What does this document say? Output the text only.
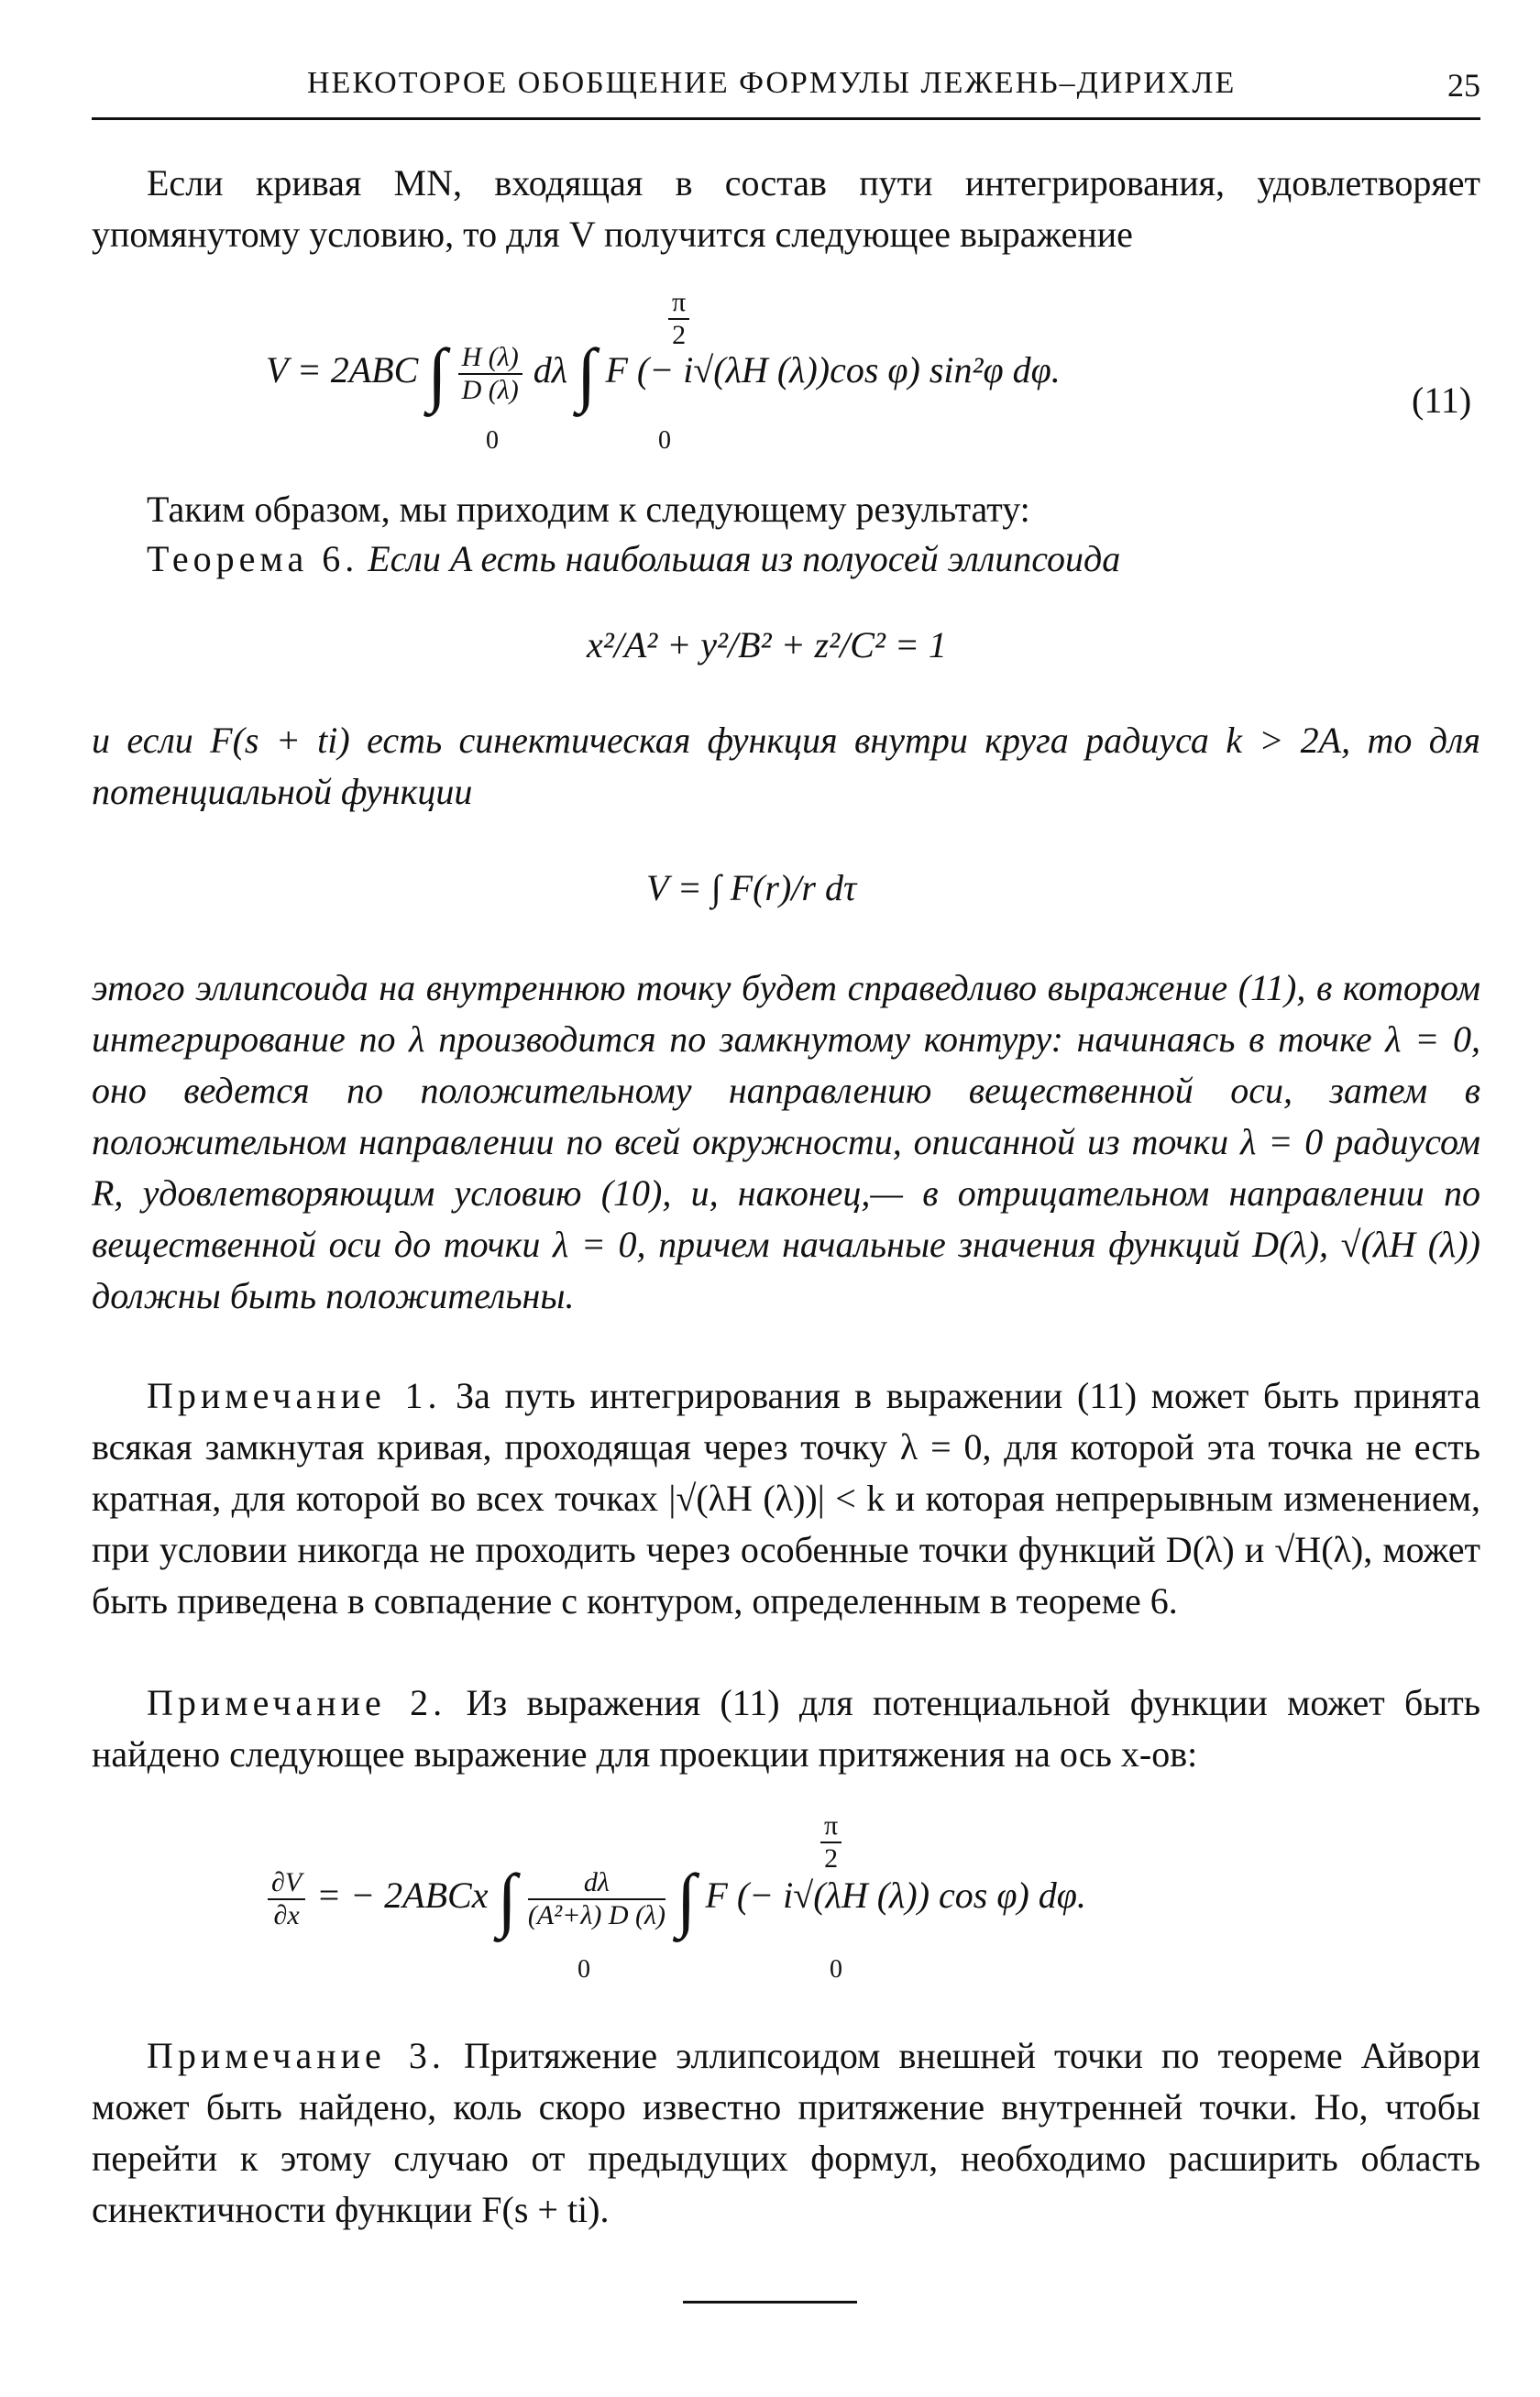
НЕКОТОРОЕ ОБОБЩЕНИЕ ФОРМУЛЫ ЛЕЖЕНЬ–ДИРИХЛЕ	25

Если кривая MN, входящая в состав пути интегрирования, удовлетворяет упомянутому условию, то для V получится следующее выражение

$\frac{\pi}{2}$
V = 2ABC ∫ $\frac{H (\lambda)}{D (\lambda)}$ dλ ∫ F (− i√(λH (λ))cos φ) sin²φ dφ.
0	0
(11)

Таким образом, мы приходим к следующему результату:

Теорема 6. Если A есть наибольшая из полуосей эллипсоида

x²/A² + y²/B² + z²/C² = 1

и если F(s + ti) есть синектическая функция внутри круга радиуса k > 2A, то для потенциальной функции

V = ∫ F(r)/r dτ

этого эллипсоида на внутреннюю точку будет справедливо выражение (11), в котором интегрирование по λ производится по замкнутому контуру: начинаясь в точке λ = 0, оно ведется по положительному направлению вещественной оси, затем в положительном направлении по всей окружности, описанной из точки λ = 0 радиусом R, удовлетворяющим условию (10), и, наконец,— в отрицательном направлении по вещественной оси до точки λ = 0, причем начальные значения функций D(λ), √(λH (λ)) должны быть положительны.

Примечание 1. За путь интегрирования в выражении (11) может быть принята всякая замкнутая кривая, проходящая через точку λ = 0, для которой эта точка не есть кратная, для которой во всех точках |√(λH (λ))| < k и которая непрерывным изменением, при условии никогда не проходить через особенные точки функций D(λ) и √H(λ), может быть приведена в совпадение с контуром, определенным в теореме 6.

Примечание 2. Из выражения (11) для потенциальной функции может быть найдено следующее выражение для проекции притяжения на ось x-ов:

$\frac{\pi}{2}$
$\frac{\partial V}{\partial x}$ = − 2ABCx ∫ $\frac{d\lambda}{\text{(A²+λ) D (λ)}}$ ∫ F (− i√(λH (λ)) cos φ) dφ.
0	0

Примечание 3. Притяжение эллипсоидом внешней точки по теореме Айвори может быть найдено, коль скоро известно притяжение внутренней точки. Но, чтобы перейти к этому случаю от предыдущих формул, необходимо расширить область синектичности функции F(s + ti).
